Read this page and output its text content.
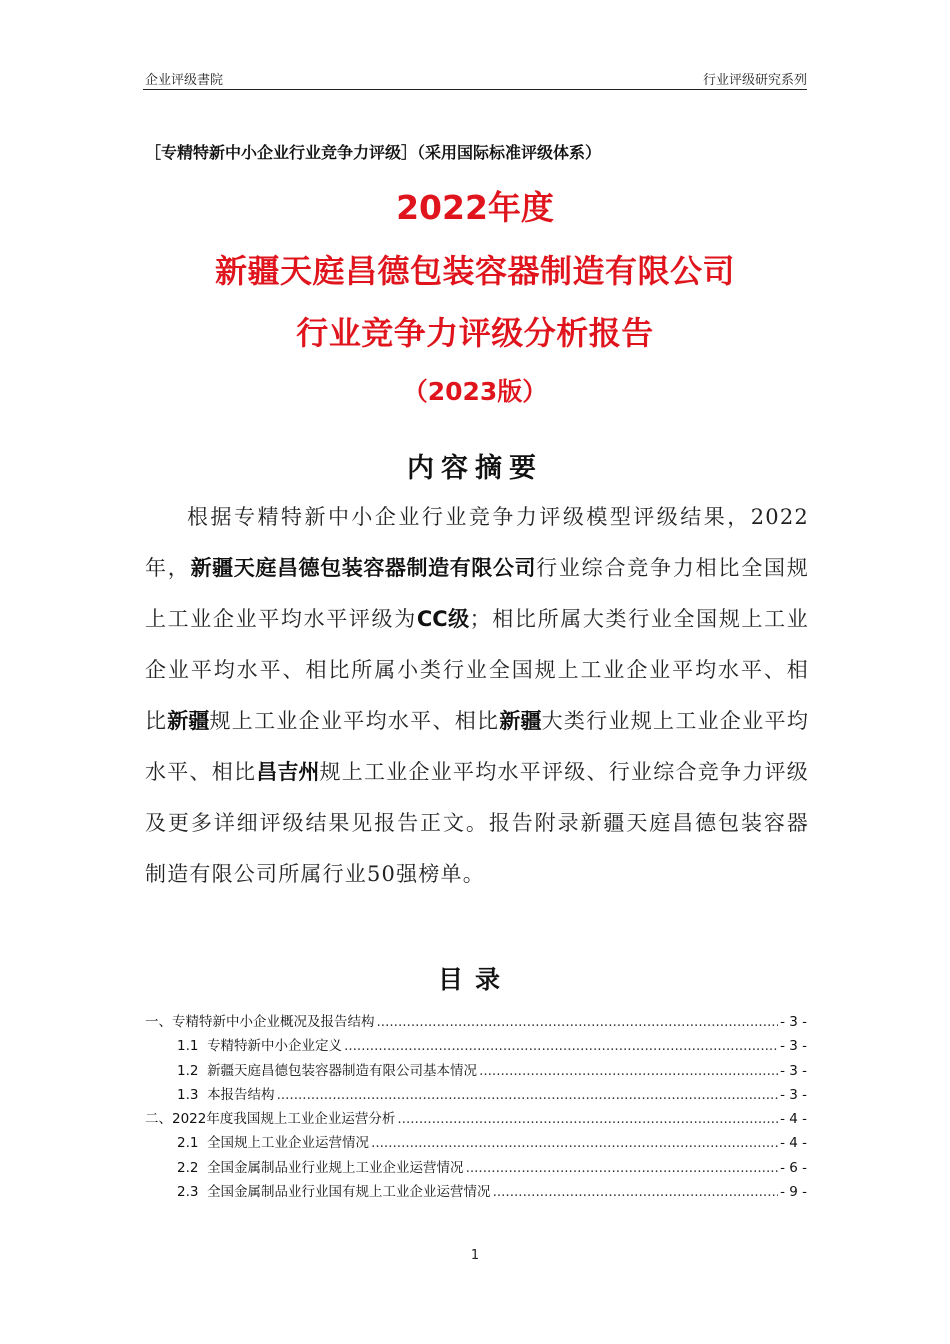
企业评级書院	行业评级研究系列
［专精特新中小企业行业竞争力评级］（采用国际标准评级体系）
2022年度
新疆天庭昌德包装容器制造有限公司
行业竞争力评级分析报告
（2023版）
内容摘要

根据专精特新中小企业行业竞争力评级模型评级结果，2022年，新疆天庭昌德包装容器制造有限公司行业综合竞争力相比全国规上工业企业平均水平评级为CC级；相比所属大类行业全国规上工业企业平均水平、相比所属小类行业全国规上工业企业平均水平、相比新疆规上工业企业平均水平、相比新疆大类行业规上工业企业平均水平、相比昌吉州规上工业企业平均水平评级、行业综合竞争力评级及更多详细评级结果见报告正文。报告附录新疆天庭昌德包装容器制造有限公司所属行业50强榜单。

目录
一、 专精特新中小企业概况及报告结构 .....	- 3 -
1.1 专精特新中小企业定义 .....	- 3 -
1.2 新疆天庭昌德包装容器制造有限公司基本情况 .....	- 3 -
1.3 本报告结构 .....	- 3 -
二、 2022年度我国规上工业企业运营分析 .....	- 4 -
2.1 全国规上工业企业运营情况 .....	- 4 -
2.2 全国金属制品业行业规上工业企业运营情况 .....	- 6 -
2.3 全国金属制品业行业国有规上工业企业运营情况 .....	- 9 -
1
